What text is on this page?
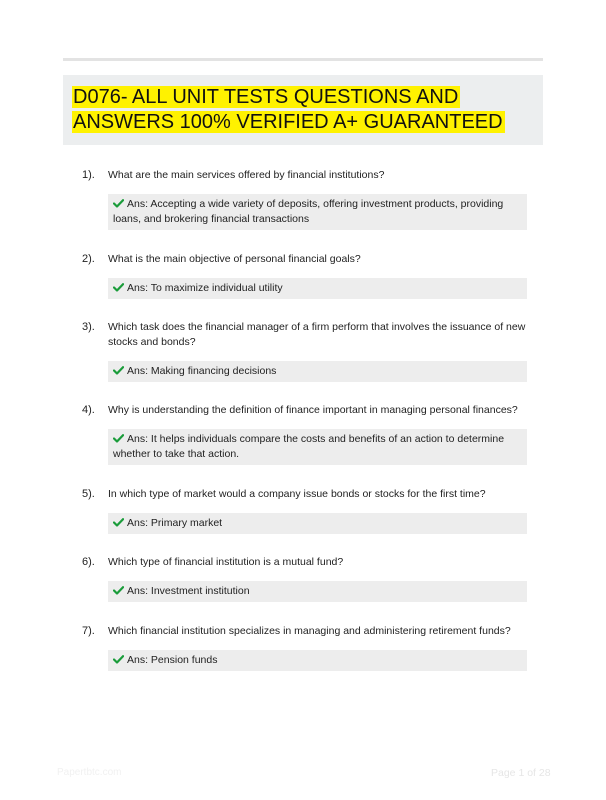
D076- ALL UNIT TESTS QUESTIONS AND
ANSWERS 100% VERIFIED A+ GUARANTEED
1). What are the main services offered by financial institutions?
Ans: Accepting a wide variety of deposits, offering investment products, providing loans, and brokering financial transactions
2). What is the main objective of personal financial goals?
Ans: To maximize individual utility
3). Which task does the financial manager of a firm perform that involves the issuance of new stocks and bonds?
Ans: Making financing decisions
4). Why is understanding the definition of finance important in managing personal finances?
Ans: It helps individuals compare the costs and benefits of an action to determine whether to take that action.
5). In which type of market would a company issue bonds or stocks for the first time?
Ans: Primary market
6). Which type of financial institution is a mutual fund?
Ans: Investment institution
7). Which financial institution specializes in managing and administering retirement funds?
Ans: Pension funds
Papertbtc.com	Page 1 of 28
